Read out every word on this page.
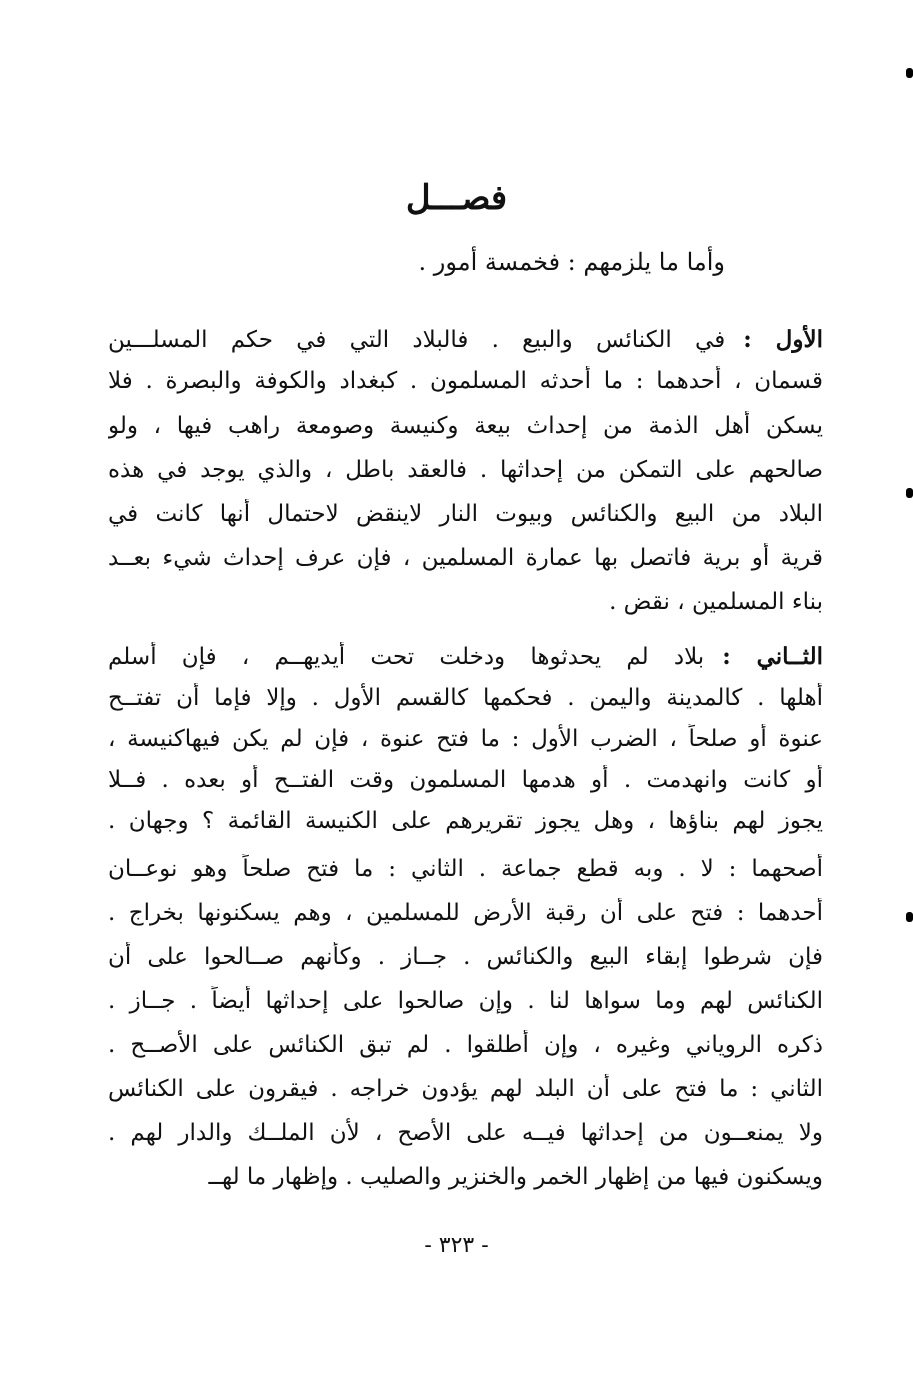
فصـــل
وأما ما يلزمهم : فخمسة أمور .
الأول :في الكنائس والبيع . فالبلاد التي في حكم المسلـــين
قسمان ، أحدهما : ما أحدثه المسلمون . كبغداد والكوفة والبصرة . فلا
يسكن أهل الذمة من إحداث بيعة وكنيسة وصومعة راهب فيها ، ولو
صالحهم على التمكن من إحداثها . فالعقد باطل ، والذي يوجد في هذه
البلاد من البيع والكنائس وبيوت النار لاينقض لاحتمال أنها كانت في
قرية أو برية فاتصل بها عمارة المسلمين ، فإن عرف إحداث شيء بعــد
بناء المسلمين ، نقض .
الثــاني :بلاد لم يحدثوها ودخلت تحت أيديهــم ، فإن أسلم
أهلها . كالمدينة واليمن . فحكمها كالقسم الأول . وإلا فإما أن تفتــح
عنوة أو صلحاً ، الضرب الأول : ما فتح عنوة ، فإن لم يكن فيهاكنيسة ،
أو كانت وانهدمت . أو هدمها المسلمون وقت الفتــح أو بعده . فــلا
يجوز لهم بناؤها ، وهل يجوز تقريرهم على الكنيسة القائمة ؟ وجهان .
أصحهما : لا . وبه قطع جماعة . الثاني : ما فتح صلحاً وهو نوعــان
أحدهما : فتح على أن رقبة الأرض للمسلمين ، وهم يسكنونها بخراج .
فإن شرطوا إبقاء البيع والكنائس . جــاز . وكأنهم صــالحوا على أن
الكنائس لهم وما سواها لنا . وإن صالحوا على إحداثها أيضاً . جــاز .
ذكره الروياني وغيره ، وإن أطلقوا . لم تبق الكنائس على الأصــح .
الثاني : ما فتح على أن البلد لهم يؤدون خراجه . فيقرون على الكنائس
ولا يمنعــون من إحداثها فيــه على الأصح ، لأن الملــك والدار لهم .
ويسكنون فيها من إظهار الخمر والخنزير والصليب . وإظهار ما لهــ
- ٣٢٣ -
